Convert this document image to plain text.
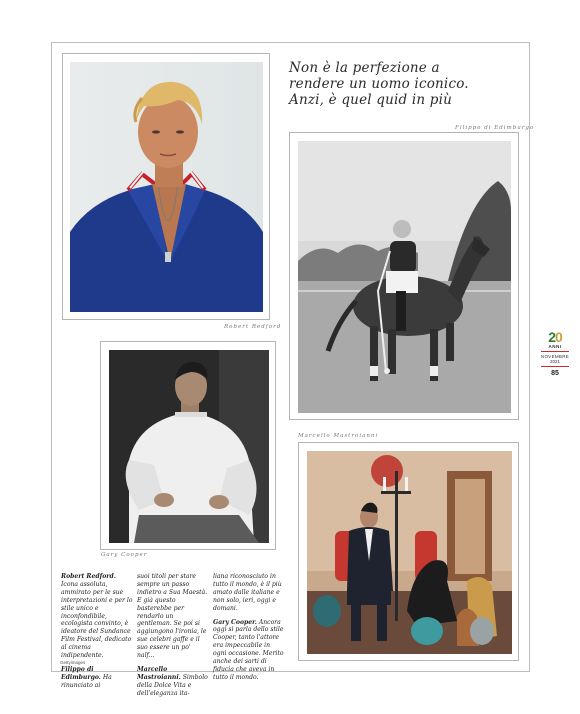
Robert Redford
Non è la perfezione a
rendere un uomo iconico.
Anzi, è quel quid in più
Filippo di Edimburgo
Gary Cooper
Marcello Mastroianni

Robert Redford. Icona assoluta, ammirato per le sue interpretazioni e per lo stile unico e inconfondibile, ecologista convinto, è ideatore del Sundance Film Festival, dedicato al cinema indipendente.

Filippo di Edimburgo. Ha rinunciato ai

suoi titoli per stare sempre un passo indietro a Sua Maestà. E già questo basterebbe per rendarlo un gentleman. Se poi si aggiungono l'ironia, le sue celebri gaffe e il suo essere un po' naïf...

Marcello Mastroianni. Simbolo della Dolce Vita e dell'eleganza ita-

liana riconosciuto in tutto il mondo, è il più amato dalle italiane e non solo, ieri, oggi e domani.

Gary Cooper. Ancora oggi si parla dello stile Cooper, tanto l'attore era impeccabile in ogni occasione. Merito anche dei sarti di fiducia che aveva in tutto il mondo.

Gettyimages
20
ANNI
NOVEMBRE
2021
85
